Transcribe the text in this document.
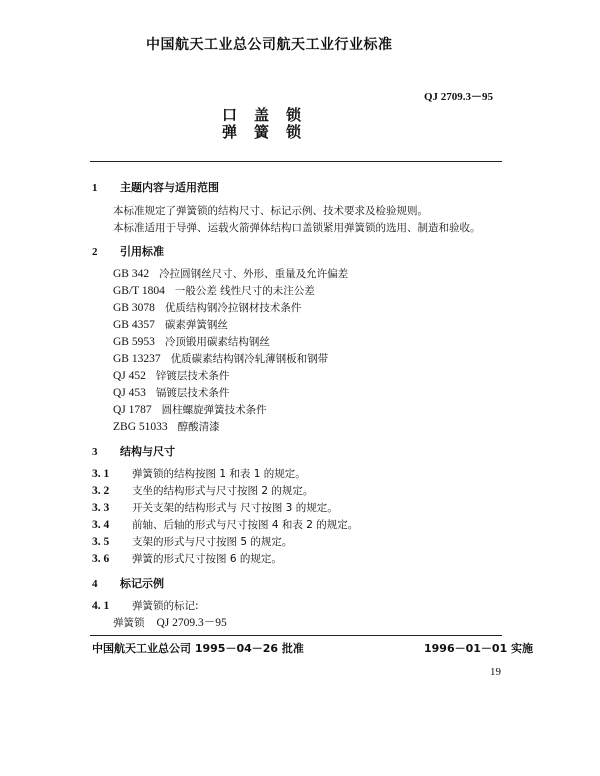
中国航天工业总公司航天工业行业标准
QJ 2709.3－95
口盖锁
弹簧锁
1 主题内容与适用范围
本标准规定了弹簧锁的结构尺寸、标记示例、技术要求及检验规则。
本标准适用于导弹、运载火箭弹体结构口盖锁紧用弹簧锁的选用、制造和验收。
2 引用标准
GB 342 冷拉圆钢丝尺寸、外形、重量及允许偏差
GB/T 1804 一般公差 线性尺寸的未注公差
GB 3078 优质结构钢冷拉钢材技术条件
GB 4357 碳素弹簧钢丝
GB 5953 冷顶锻用碳素结构钢丝
GB 13237 优质碳素结构钢冷轧薄钢板和钢带
QJ 452 锌镀层技术条件
QJ 453 镉镀层技术条件
QJ 1787 圆柱螺旋弹簧技术条件
ZBG 51033 醇酸清漆
3 结构与尺寸
3. 1 弹簧锁的结构按图 1 和表 1 的规定。
3. 2 支坐的结构形式与尺寸按图 2 的规定。
3. 3 开关支架的结构形式与 尺寸按图 3 的规定。
3. 4 前轴、后轴的形式与尺寸按图 4 和表 2 的规定。
3. 5 支架的形式与尺寸按图 5 的规定。
3. 6 弹簧的形式尺寸按图 6 的规定。
4 标记示例
4. 1 弹簧锁的标记:
弹簧锁 QJ 2709.3－95
中国航天工业总公司 1995－04－26 批准	1996－01－01 实施
19
